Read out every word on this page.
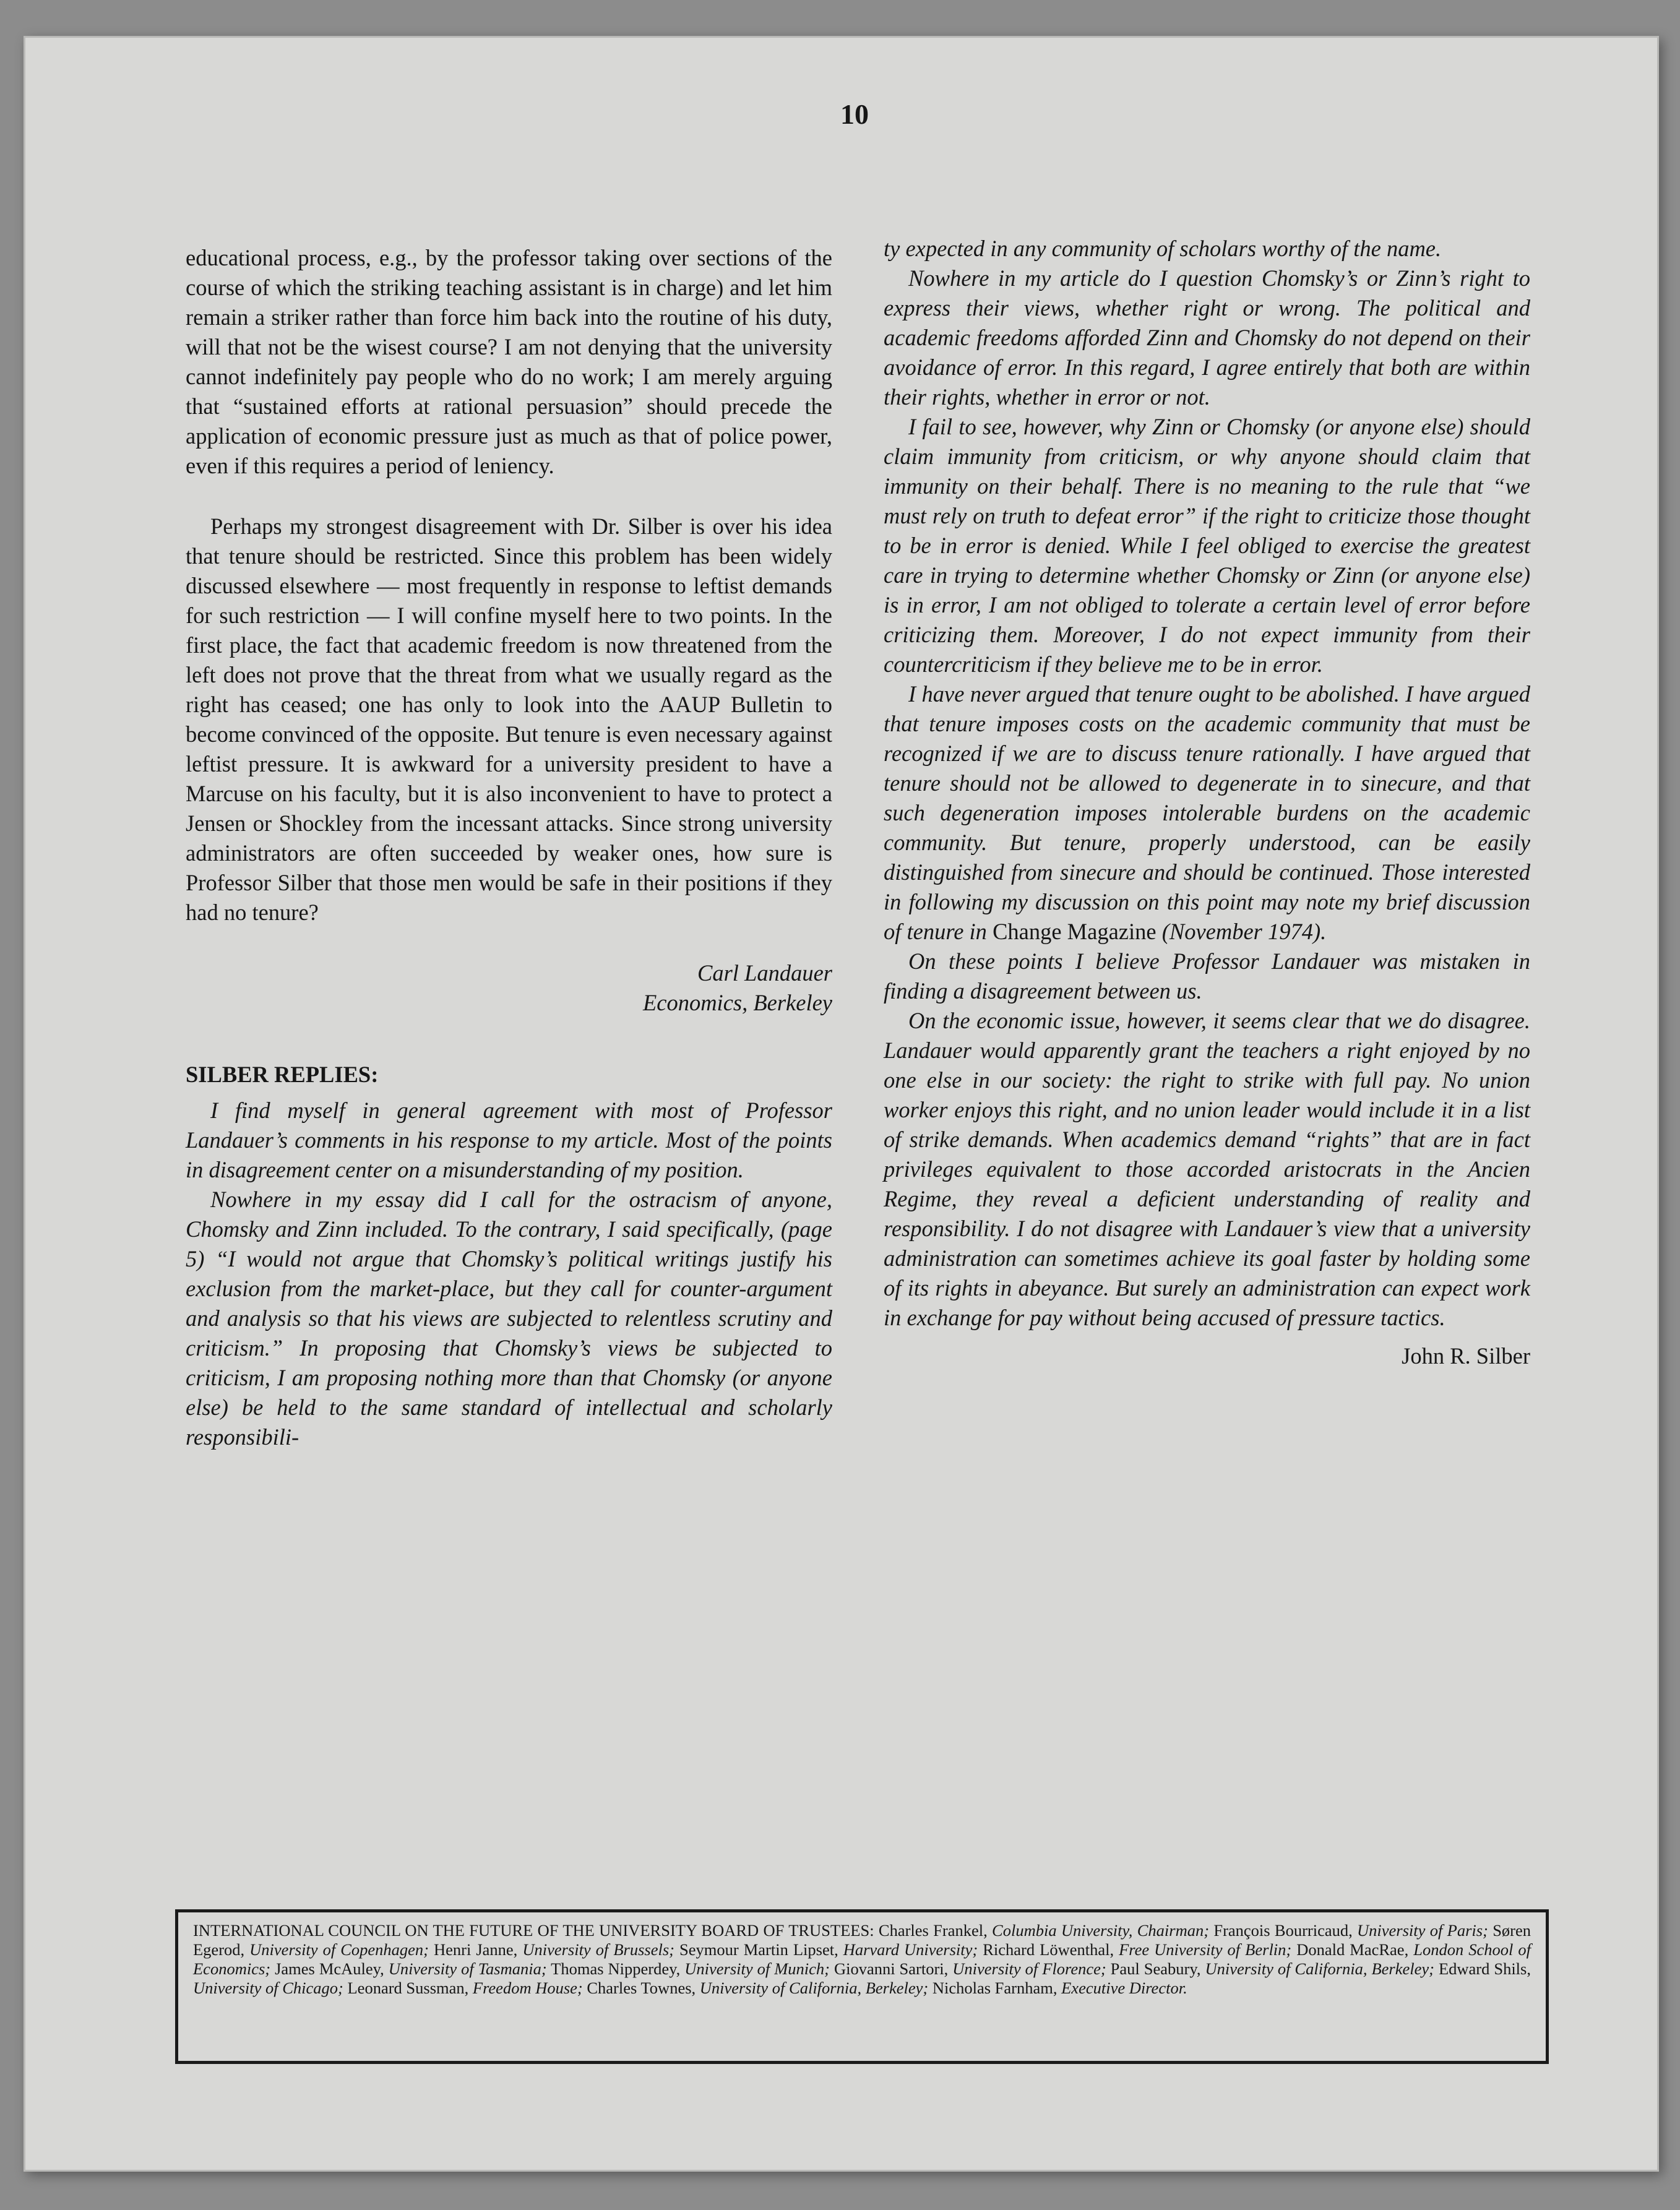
10

educational process, e.g., by the professor taking over sections of the course of which the striking teaching assistant is in charge) and let him remain a striker rather than force him back into the routine of his duty, will that not be the wisest course? I am not denying that the university cannot indefinitely pay people who do no work; I am merely arguing that “sustained efforts at rational persuasion” should precede the application of economic pressure just as much as that of police power, even if this requires a period of leniency.

Perhaps my strongest disagreement with Dr. Silber is over his idea that tenure should be restricted. Since this problem has been widely discussed elsewhere — most frequently in response to leftist demands for such restriction — I will confine myself here to two points. In the first place, the fact that academic freedom is now threatened from the left does not prove that the threat from what we usually regard as the right has ceased; one has only to look into the AAUP Bulletin to become convinced of the opposite. But tenure is even necessary against leftist pressure. It is awkward for a university president to have a Marcuse on his faculty, but it is also inconvenient to have to protect a Jensen or Shockley from the incessant attacks. Since strong university administrators are often succeeded by weaker ones, how sure is Professor Silber that those men would be safe in their positions if they had no tenure?

Carl Landauer

Economics, Berkeley

SILBER REPLIES:

I find myself in general agreement with most of Professor Landauer’s comments in his response to my article. Most of the points in disagreement center on a misunderstanding of my position.

Nowhere in my essay did I call for the ostracism of anyone, Chomsky and Zinn included. To the contrary, I said specifically, (page 5) “I would not argue that Chomsky’s political writings justify his exclusion from the market-place, but they call for counter-argument and analysis so that his views are subjected to relentless scrutiny and criticism.” In proposing that Chomsky’s views be subjected to criticism, I am proposing nothing more than that Chomsky (or anyone else) be held to the same standard of intellectual and scholarly responsibili-

ty expected in any community of scholars worthy of the name.

Nowhere in my article do I question Chomsky’s or Zinn’s right to express their views, whether right or wrong. The political and academic freedoms afforded Zinn and Chomsky do not depend on their avoidance of error. In this regard, I agree entirely that both are within their rights, whether in error or not.

I fail to see, however, why Zinn or Chomsky (or anyone else) should claim immunity from criticism, or why anyone should claim that immunity on their behalf. There is no meaning to the rule that “we must rely on truth to defeat error” if the right to criticize those thought to be in error is denied. While I feel obliged to exercise the greatest care in trying to determine whether Chomsky or Zinn (or anyone else) is in error, I am not obliged to tolerate a certain level of error before criticizing them. Moreover, I do not expect immunity from their countercriticism if they believe me to be in error.

I have never argued that tenure ought to be abolished. I have argued that tenure imposes costs on the academic community that must be recognized if we are to discuss tenure rationally. I have argued that tenure should not be allowed to degenerate in to sinecure, and that such degeneration imposes intolerable burdens on the academic community. But tenure, properly understood, can be easily distinguished from sinecure and should be continued. Those interested in following my discussion on this point may note my brief discussion of tenure in Change Magazine (November 1974).

On these points I believe Professor Landauer was mistaken in finding a disagreement between us.

On the economic issue, however, it seems clear that we do disagree. Landauer would apparently grant the teachers a right enjoyed by no one else in our society: the right to strike with full pay. No union worker enjoys this right, and no union leader would include it in a list of strike demands. When academics demand “rights” that are in fact privileges equivalent to those accorded aristocrats in the Ancien Regime, they reveal a deficient understanding of reality and responsibility. I do not disagree with Landauer’s view that a university administration can sometimes achieve its goal faster by holding some of its rights in abeyance. But surely an administration can expect work in exchange for pay without being accused of pressure tactics.

John R. Silber

INTERNATIONAL COUNCIL ON THE FUTURE OF THE UNIVERSITY BOARD OF TRUSTEES: Charles Frankel, Columbia University, Chairman; François Bourricaud, University of Paris; Søren Egerod, University of Copenhagen; Henri Janne, University of Brussels; Seymour Martin Lipset, Harvard University; Richard Löwenthal, Free University of Berlin; Donald MacRae, London School of Economics; James McAuley, University of Tasmania; Thomas Nipperdey, University of Munich; Giovanni Sartori, University of Florence; Paul Seabury, University of California, Berkeley; Edward Shils, University of Chicago; Leonard Sussman, Freedom House; Charles Townes, University of California, Berkeley; Nicholas Farnham, Executive Director.
